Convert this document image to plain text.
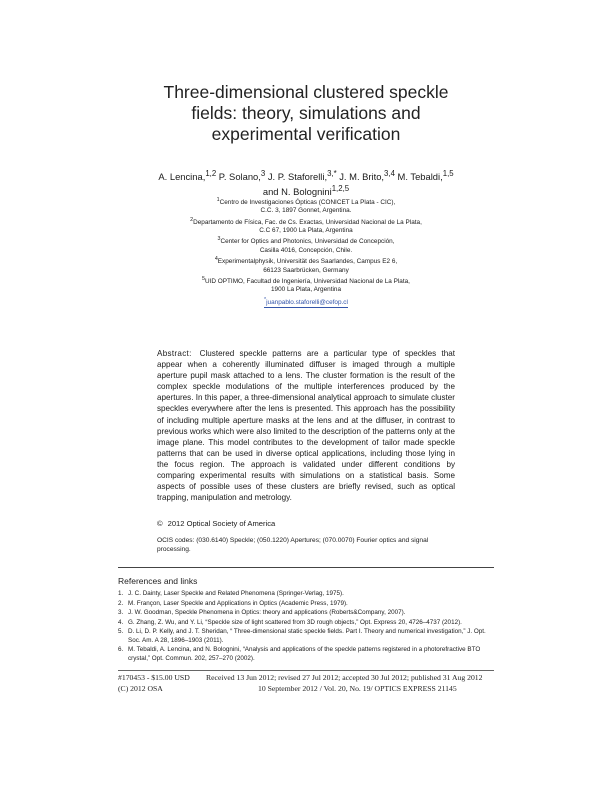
Three-dimensional clustered speckle
fields: theory, simulations and
experimental verification
A. Lencina,$^{1,2}$ P. Solano,$^3$ J. P. Staforelli,$^{3,*}$ J. M. Brito,$^{3,4}$ M. Tebaldi,$^{1,5}$ and N. Bolognini$^{1,2,5}$
$^1$Centro de Investigaciones Ópticas (CONICET La Plata - CIC),
C.C. 3, 1897 Gonnet, Argentina.
$^2$Departamento de Física, Fac. de Cs. Exactas, Universidad Nacional de La Plata,
C.C 67, 1900 La Plata, Argentina
$^3$Center for Optics and Photonics, Universidad de Concepción,
Casilla 4016, Concepción, Chile.
$^4$Experimentalphysik, Universität des Saarlandes, Campus E2 6,
66123 Saarbrücken, Germany
$^5$UID OPTIMO, Facultad de Ingeniería, Universidad Nacional de La Plata,
1900 La Plata, Argentina
*juanpablo.staforelli@cefop.cl
Abstract: Clustered speckle patterns are a particular type of speckles that appear when a coherently illuminated diffuser is imaged through a multiple aperture pupil mask attached to a lens. The cluster formation is the result of the complex speckle modulations of the multiple interferences produced by the apertures. In this paper, a three-dimensional analytical approach to simulate cluster speckles everywhere after the lens is presented. This approach has the possibility of including multiple aperture masks at the lens and at the diffuser, in contrast to previous works which were also limited to the description of the patterns only at the image plane. This model contributes to the development of tailor made speckle patterns that can be used in diverse optical applications, including those lying in the focus region. The approach is validated under different conditions by comparing experimental results with simulations on a statistical basis. Some aspects of possible uses of these clusters are briefly revised, such as optical trapping, manipulation and metrology.
© 2012 Optical Society of America
OCIS codes: (030.6140) Speckle; (050.1220) Apertures; (070.0070) Fourier optics and signal processing.
References and links
1. J. C. Dainty, Laser Speckle and Related Phenomena (Springer-Verlag, 1975).
2. M. Françon, Laser Speckle and Applications in Optics (Academic Press, 1979).
3. J. W. Goodman, Speckle Phenomena in Optics: theory and applications (Roberts&Company, 2007).
4. G. Zhang, Z. Wu, and Y. Li, “Speckle size of light scattered from 3D rough objects,” Opt. Express 20, 4726–4737 (2012).
5. D. Li, D. P. Kelly, and J. T. Sheridan, “ Three-dimensional static speckle fields. Part I. Theory and numerical investigation,” J. Opt. Soc. Am. A 28, 1896–1903 (2011).
6. M. Tebaldi, A. Lencina, and N. Bolognini, “Analysis and applications of the speckle patterns registered in a photorefractive BTO crystal,” Opt. Commun. 202, 257–270 (2002).
#170453 - $15.00 USD Received 13 Jun 2012; revised 27 Jul 2012; accepted 30 Jul 2012; published 31 Aug 2012
(C) 2012 OSA	10 September 2012 / Vol. 20, No. 19/ OPTICS EXPRESS 21145
